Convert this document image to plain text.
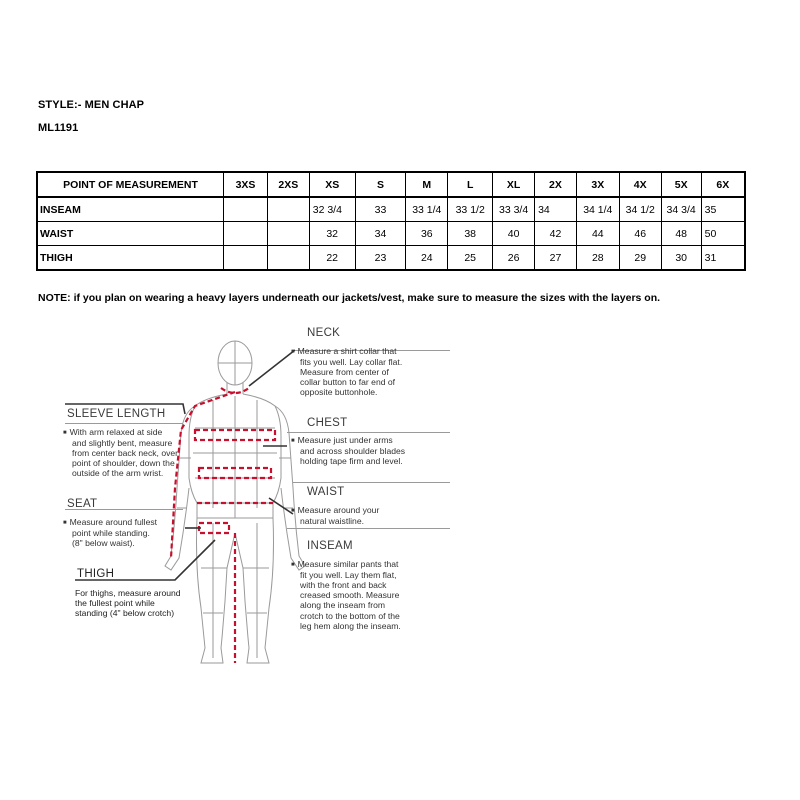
STYLE:- MEN CHAP
ML1191
POINT OF MEASUREMENT	3XS	2XS	XS	S	M	L	XL	2X	3X	4X	5X	6X
INSEAM			32 3/4	33	33 1/4	33 1/2	33 3/4	34	34 1/4	34 1/2	34 3/4	35
WAIST			32	34	36	38	40	42	44	46	48	50
THIGH			22	23	24	25	26	27	28	29	30	31
NOTE: if you plan on wearing a heavy layers underneath our jackets/vest, make sure to measure the sizes with the layers on.
NECK
■ Measure a shirt collar that
fits you well. Lay collar flat.
Measure from center of
collar button to far end of
opposite buttonhole.
CHEST
■ Measure just under arms
and across shoulder blades
holding tape firm and level.
WAIST
■ Measure around your
natural waistline.
INSEAM
■ Measure similar pants that
fit you well. Lay them flat,
with the front and back
creased smooth. Measure
along the inseam from
crotch to the bottom of the
leg hem along the inseam.
SLEEVE LENGTH
■ With arm relaxed at side
and slightly bent, measure
from center back neck, over
point of shoulder, down the
outside of the arm wrist.
SEAT
■ Measure around fullest
point while standing.
(8" below waist).
THIGH
For thighs, measure around
the fullest point while
standing (4" below crotch)
